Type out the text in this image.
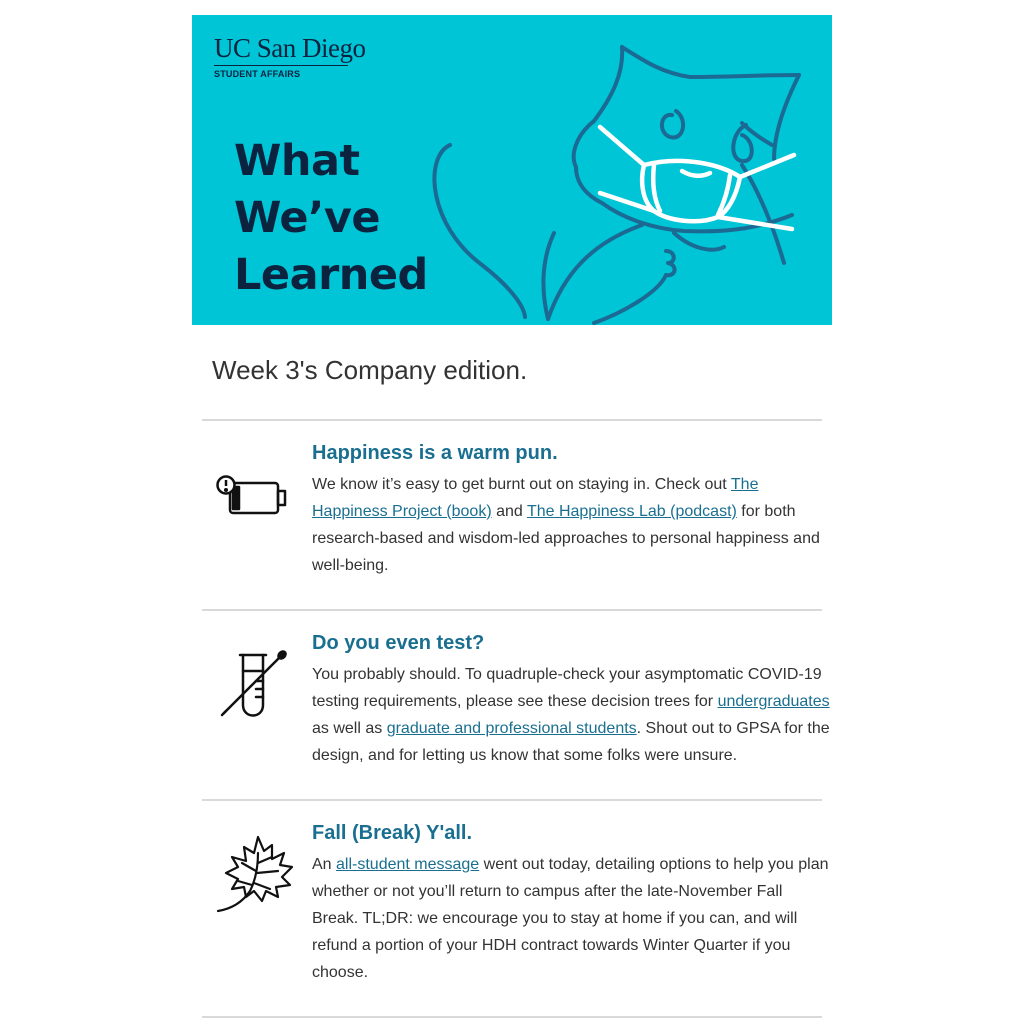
UC San Diego
STUDENT AFFAIRS
What
We’ve
Learned
Week 3's Company edition.
Happiness is a warm pun.

We know it’s easy to get burnt out on staying in. Check out The Happiness Project (book) and The Happiness Lab (podcast) for both research-based and wisdom-led approaches to personal happiness and well-being.

Do you even test?

You probably should. To quadruple-check your asymptomatic COVID-19 testing requirements, please see these decision trees for undergraduates as well as graduate and professional students. Shout out to GPSA for the design, and for letting us know that some folks were unsure.

Fall (Break) Y'all.

An all-student message went out today, detailing options to help you plan whether or not you’ll return to campus after the late-November Fall Break. TL;DR: we encourage you to stay at home if you can, and will refund a portion of your HDH contract towards Winter Quarter if you choose.
